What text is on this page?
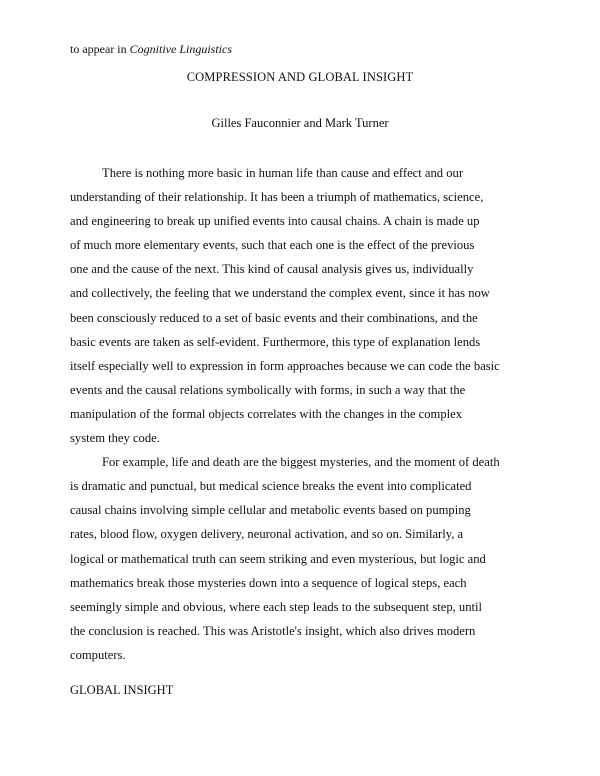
to appear in Cognitive Linguistics
COMPRESSION AND GLOBAL INSIGHT
Gilles Fauconnier and Mark Turner
There is nothing more basic in human life than cause and effect and our
understanding of their relationship. It has been a triumph of mathematics, science,
and engineering to break up unified events into causal chains. A chain is made up
of much more elementary events, such that each one is the effect of the previous
one and the cause of the next. This kind of causal analysis gives us, individually
and collectively, the feeling that we understand the complex event, since it has now
been consciously reduced to a set of basic events and their combinations, and the
basic events are taken as self-evident. Furthermore, this type of explanation lends
itself especially well to expression in form approaches because we can code the basic
events and the causal relations symbolically with forms, in such a way that the
manipulation of the formal objects correlates with the changes in the complex
system they code.
For example, life and death are the biggest mysteries, and the moment of death
is dramatic and punctual, but medical science breaks the event into complicated
causal chains involving simple cellular and metabolic events based on pumping
rates, blood flow, oxygen delivery, neuronal activation, and so on. Similarly, a
logical or mathematical truth can seem striking and even mysterious, but logic and
mathematics break those mysteries down into a sequence of logical steps, each
seemingly simple and obvious, where each step leads to the subsequent step, until
the conclusion is reached. This was Aristotle's insight, which also drives modern
computers.
GLOBAL INSIGHT
